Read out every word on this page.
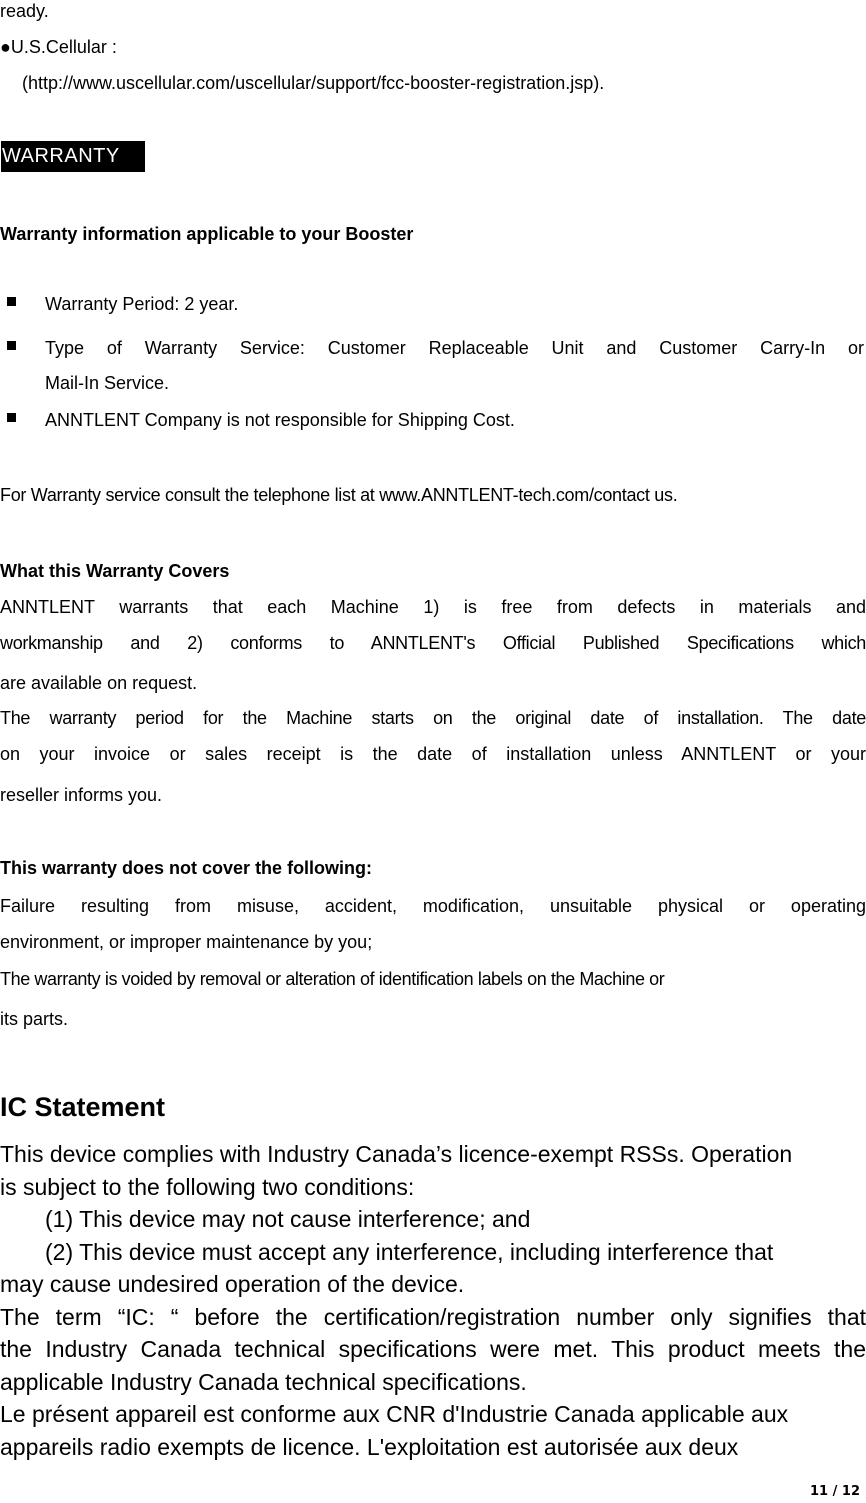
ready.
●U.S.Cellular :
(http://www.uscellular.com/uscellular/support/fcc-booster-registration.jsp).
WARRANTY
Warranty information applicable to your Booster
Warranty Period: 2 year.
Type of Warranty Service: Customer Replaceable Unit and Customer Carry-In or
Mail-In Service.
ANNTLENT Company is not responsible for Shipping Cost.
For Warranty service consult the telephone list at www.ANNTLENT-tech.com/contact us.
What this Warranty Covers
ANNTLENT warrants that each Machine 1) is free from defects in materials and
workmanship and 2) conforms to ANNTLENT's Official Published Specifications which
are available on request.
The warranty period for the Machine starts on the original date of installation. The date
on your invoice or sales receipt is the date of installation unless ANNTLENT or your
reseller informs you.
This warranty does not cover the following:
Failure resulting from misuse, accident, modification, unsuitable physical or operating
environment, or improper maintenance by you;
The warranty is voided by removal or alteration of identification labels on the Machine or
its parts.
IC Statement
This device complies with Industry Canada’s licence-exempt RSSs. Operation
is subject to the following two conditions:
(1) This device may not cause interference; and
(2) This device must accept any interference, including interference that
may cause undesired operation of the device.
The term “IC: “ before the certification/registration number only signifies that
the Industry Canada technical specifications were met. This product meets the
applicable Industry Canada technical specifications.
Le présent appareil est conforme aux CNR d'Industrie Canada applicable aux
appareils radio exempts de licence. L'exploitation est autorisée aux deux
11 / 12
